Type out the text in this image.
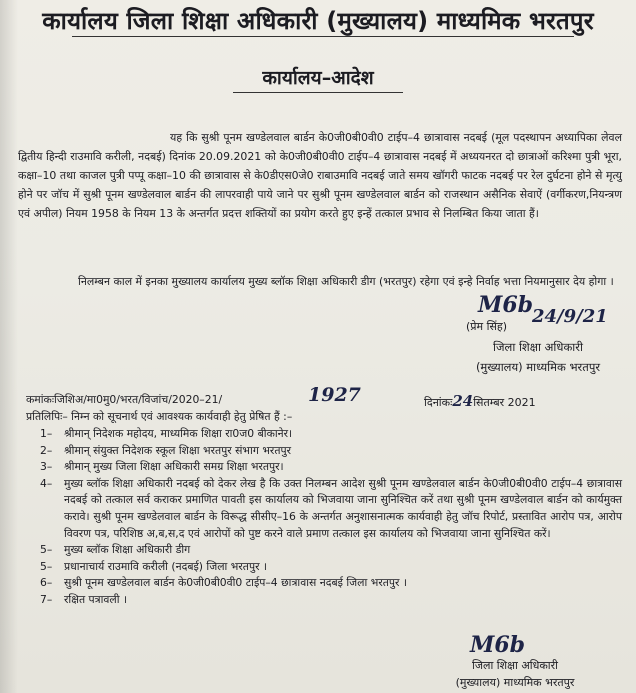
कार्यालय जिला शिक्षा अधिकारी (मुख्यालय) माध्यमिक भरतपुर
कार्यालय–आदेश
यह कि सुश्री पूनम खण्डेलवाल बार्डन के0जी0बी0वी0 टाईप–4 छात्रावास नदबई (मूल पदस्थापन अध्यापिका लेवल द्वितीय हिन्दी राउमावि करीली, नदबई) दिनांक 20.09.2021 को के0जी0बी0वी0 टाईप–4 छात्रावास नदबई में अध्ययनरत दो छात्राओं करिश्मा पुत्री भूरा, कक्षा–10 तथा काजल पुत्री पप्पू कक्षा–10 की छात्रावास से के0डीएस0जे0 राबाउमावि नदबई जाते समय खॉगरी फाटक नदबई पर रेल दुर्घटना होने से मृत्यु होने पर जॉच में सुश्री पूनम खण्डेलवाल बार्डन की लापरवाही पाये जाने पर सुश्री पूनम खण्डेलवाल बार्डन को राजस्थान असैनिक सेवाऐं (वर्गीकरण,नियन्त्रण एवं अपील) नियम 1958 के नियम 13 के अन्तर्गत प्रदत्त शक्तियों का प्रयोग करते हुए इन्हें तत्काल प्रभाव से निलम्बित किया जाता हैं।
निलम्बन काल में इनका मुख्यालय कार्यालय मुख्य ब्लॉक शिक्षा अधिकारी डीग (भरतपुर) रहेगा एवं इन्हे निर्वाह भत्ता नियमानुसार देय होगा ।
M6b
24/9/21
(प्रेम सिंह)
जिला शिक्षा अधिकारी
(मुख्यालय) माध्यमिक भरतपुर
कमांकःजिशिअ/मा0मु0/भरत/विजांच/2020–21/	1927	दिनांकः24सितम्बर 2021
प्रतिलिपिः– निम्न को सूचनार्थ एवं आवश्यक कार्यवाही हेतु प्रेषित हैं :–
1–	श्रीमान् निदेशक महोदय, माध्यमिक शिक्षा रा0ज0 बीकानेर।
2–	श्रीमान् संयुक्त निदेशक स्कूल शिक्षा भरतपुर संभाग भरतपुर
3–	श्रीमान् मुख्य जिला शिक्षा अधिकारी समग्र शिक्षा भरतपुर।
4–	मुख्य ब्लॉक शिक्षा अधिकारी नदबई को देकर लेख है कि उक्त निलम्बन आदेश सुश्री पूनम खण्डेलवाल बार्डन के0जी0बी0वी0 टाईप–4 छात्रावास नदबई को तत्काल सर्व कराकर प्रमाणित पावती इस कार्यालय को भिजवाया जाना सुनिश्चित करें तथा सुश्री पूनम खण्डेलवाल बार्डन को कार्यमुक्त करावे। सुश्री पूनम खण्डेलवाल बार्डन के विरूद्ध सीसीए–16 के अन्तर्गत अनुशासनात्मक कार्यवाही हेतु जॉच रिपोर्ट, प्रस्तावित आरोप पत्र, आरोप विवरण पत्र, परिशिष्ठ अ,ब,स,द एवं आरोपों को पुष्ट करने वाले प्रमाण तत्काल इस कार्यालय को भिजवाया जाना सुनिश्चित करें।
5–	मुख्य ब्लॉक शिक्षा अधिकारी डीग
5–	प्रधानाचार्य राउमावि करीली (नदबई) जिला भरतपुर ।
6–	सुश्री पूनम खण्डेलवाल बार्डन के0जी0बी0वी0 टाईप–4 छात्रावास नदबई जिला भरतपुर ।
7–	रक्षित पत्रावली ।
M6b
जिला शिक्षा अधिकारी
(मुख्यालय) माध्यमिक भरतपुर
